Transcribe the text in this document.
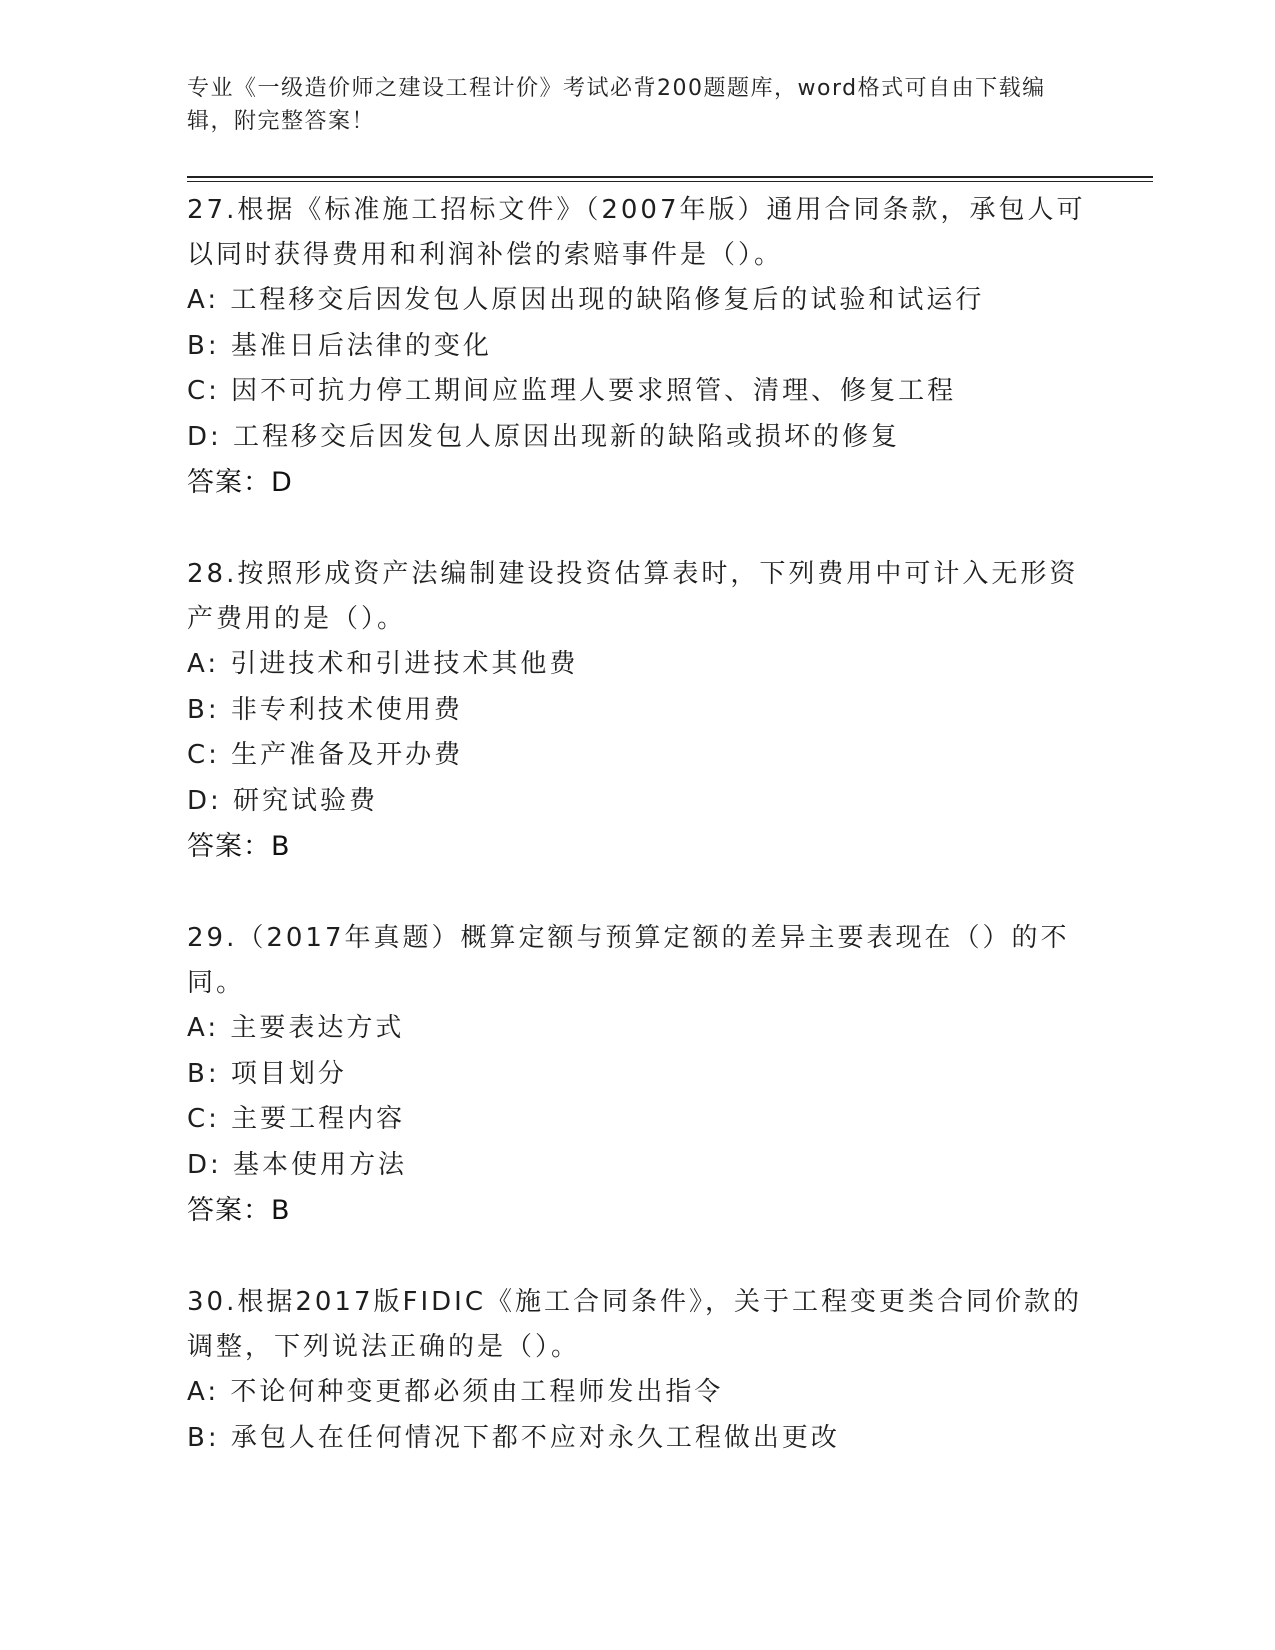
专业《一级造价师之建设工程计价》考试必背200题题库，word格式可自由下载编辑，附完整答案！

27.根据《标准施工招标文件》（2007年版）通用合同条款，承包人可以同时获得费用和利润补偿的索赔事件是（）。

A: 工程移交后因发包人原因出现的缺陷修复后的试验和试运行
B: 基准日后法律的变化
C: 因不可抗力停工期间应监理人要求照管、清理、修复工程
D: 工程移交后因发包人原因出现新的缺陷或损坏的修复
答案：D

28.按照形成资产法编制建设投资估算表时，下列费用中可计入无形资产费用的是（）。

A: 引进技术和引进技术其他费
B: 非专利技术使用费
C: 生产准备及开办费
D: 研究试验费
答案：B

29.（2017年真题）概算定额与预算定额的差异主要表现在（）的不同。

A: 主要表达方式
B: 项目划分
C: 主要工程内容
D: 基本使用方法
答案：B

30.根据2017版FIDIC《施工合同条件》，关于工程变更类合同价款的调整，下列说法正确的是（）。

A: 不论何种变更都必须由工程师发出指令
B: 承包人在任何情况下都不应对永久工程做出更改
